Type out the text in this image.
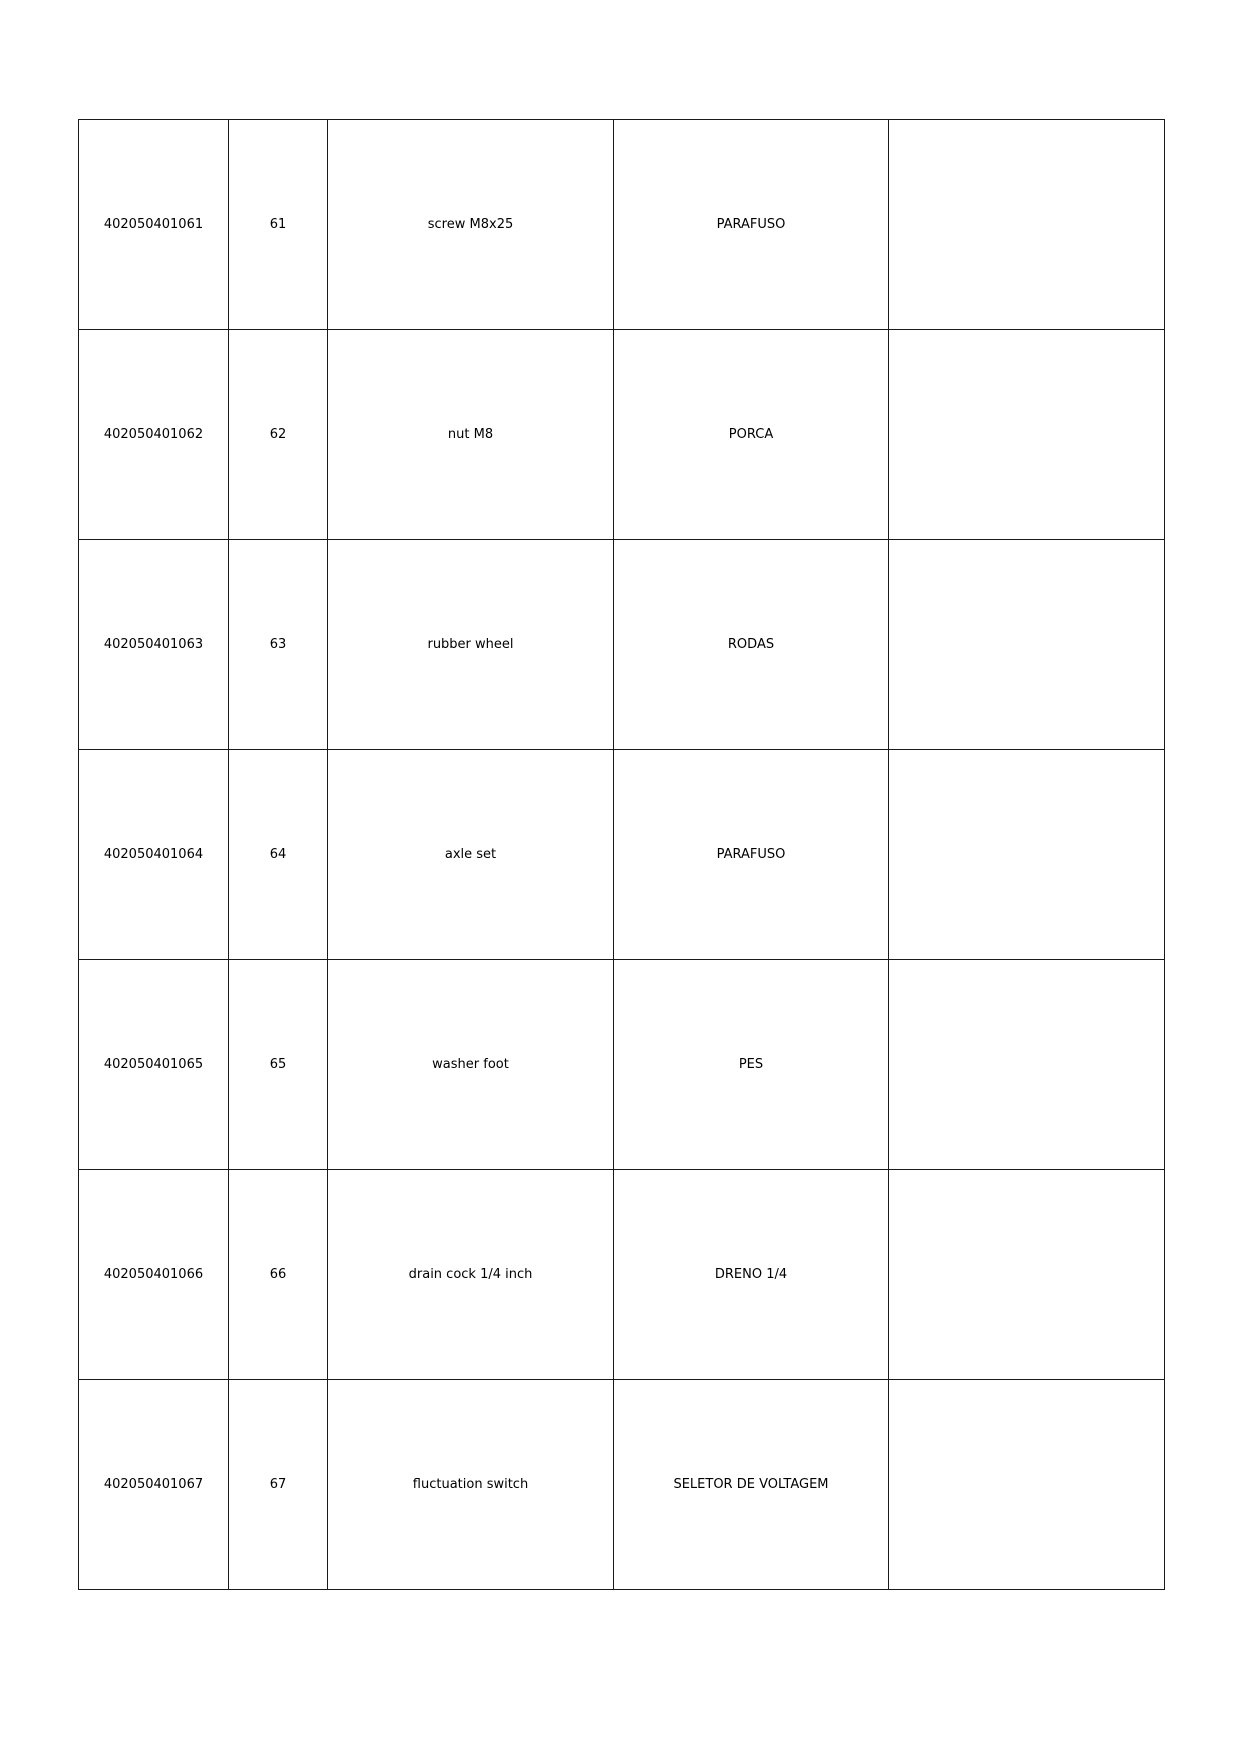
402050401061	61	screw M8x25	PARAFUSO	
402050401062	62	nut M8	PORCA	
402050401063	63	rubber wheel	RODAS	
402050401064	64	axle set	PARAFUSO	
402050401065	65	washer foot	PES	
402050401066	66	drain cock 1/4 inch	DRENO 1/4	
402050401067	67	fluctuation switch	SELETOR DE VOLTAGEM	
